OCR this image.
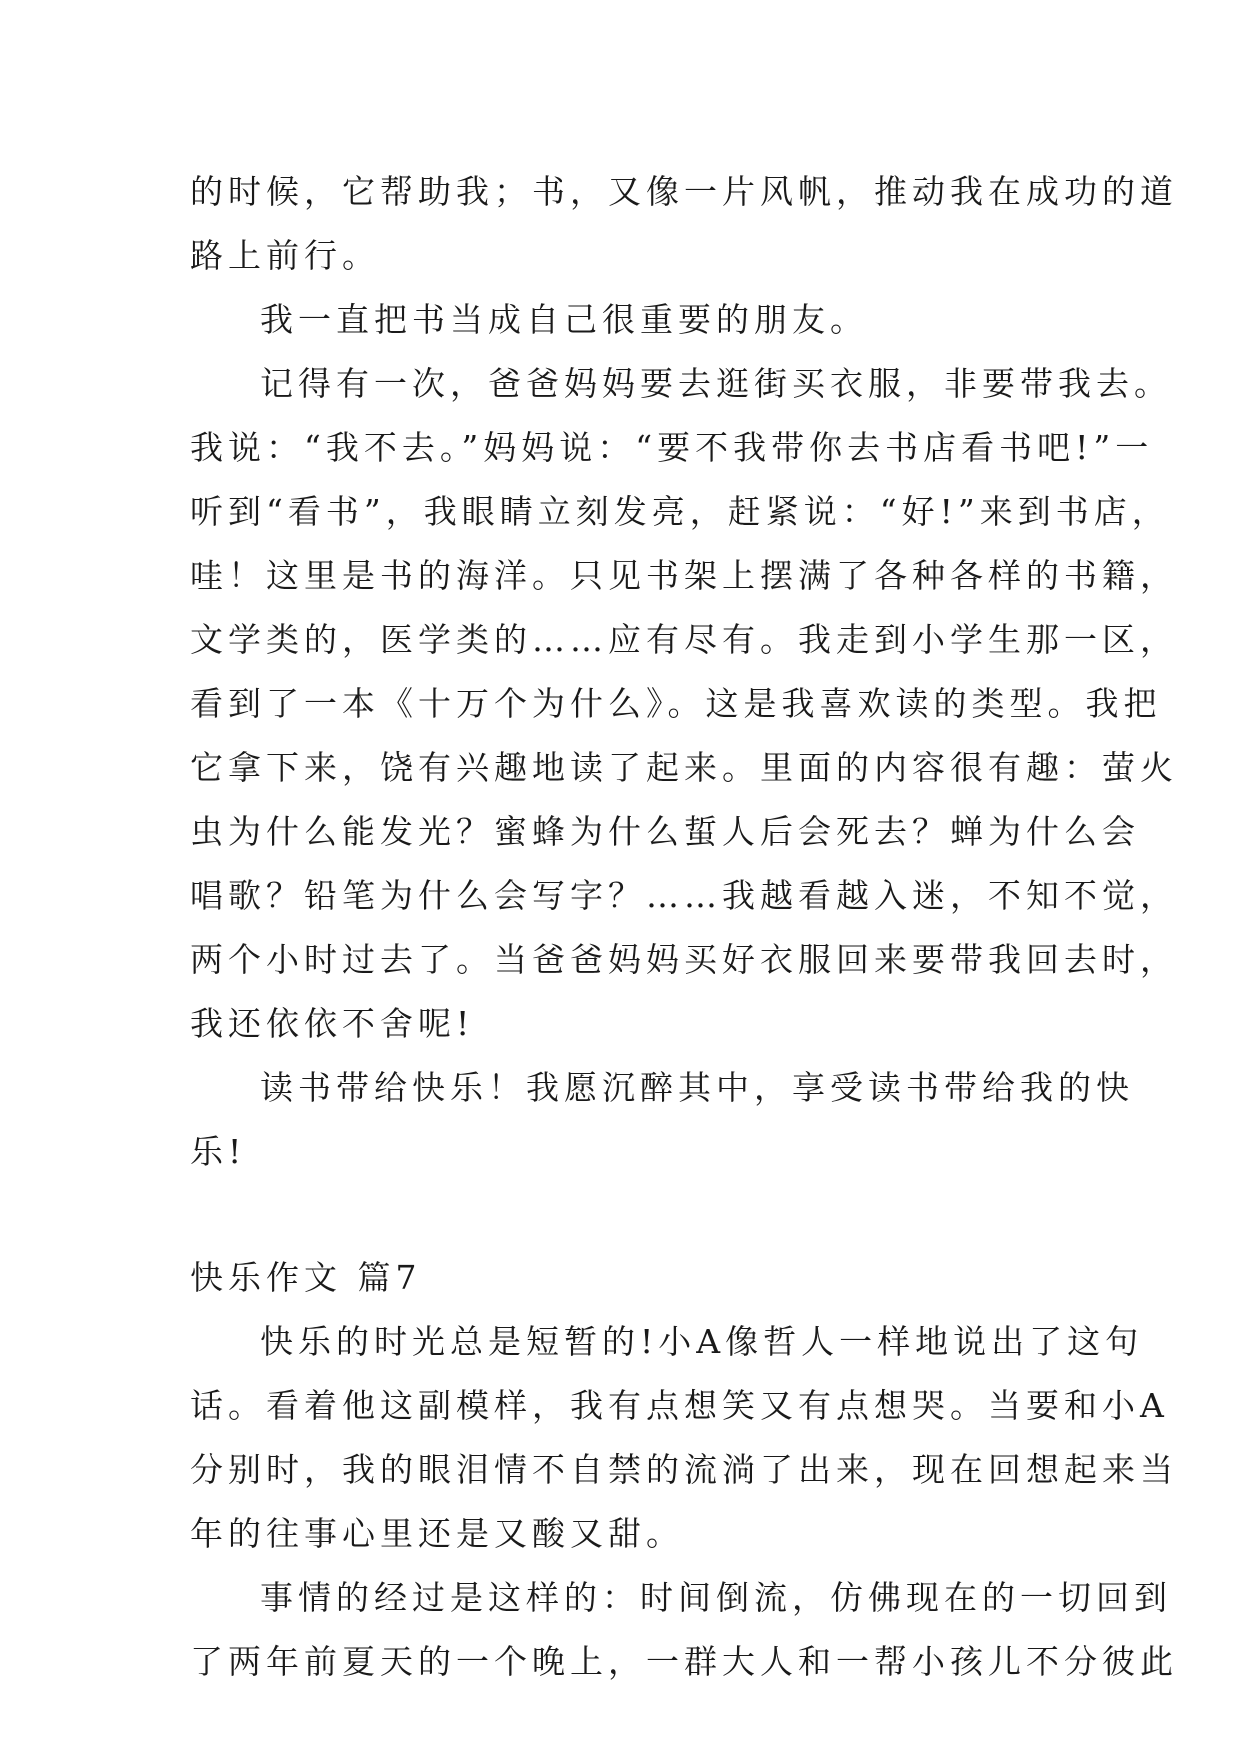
的时候，它帮助我；书，又像一片风帆，推动我在成功的道
路上前行。
我一直把书当成自己很重要的朋友。
记得有一次，爸爸妈妈要去逛街买衣服，非要带我去。
我说：“我不去。”妈妈说：“要不我带你去书店看书吧!”一
听到“看书”，我眼睛立刻发亮，赶紧说：“好!”来到书店，
哇！这里是书的海洋。只见书架上摆满了各种各样的书籍，
文学类的，医学类的……应有尽有。我走到小学生那一区，
看到了一本《十万个为什么》。这是我喜欢读的类型。我把
它拿下来，饶有兴趣地读了起来。里面的内容很有趣：萤火
虫为什么能发光？蜜蜂为什么蜇人后会死去？蝉为什么会
唱歌？铅笔为什么会写字？……我越看越入迷，不知不觉，
两个小时过去了。当爸爸妈妈买好衣服回来要带我回去时，
我还依依不舍呢!
读书带给快乐！我愿沉醉其中，享受读书带给我的快
乐!
快乐作文 篇7
快乐的时光总是短暂的!小A像哲人一样地说出了这句
话。看着他这副模样，我有点想笑又有点想哭。当要和小A
分别时，我的眼泪情不自禁的流淌了出来，现在回想起来当
年的往事心里还是又酸又甜。
事情的经过是这样的：时间倒流，仿佛现在的一切回到
了两年前夏天的一个晚上，一群大人和一帮小孩儿不分彼此
